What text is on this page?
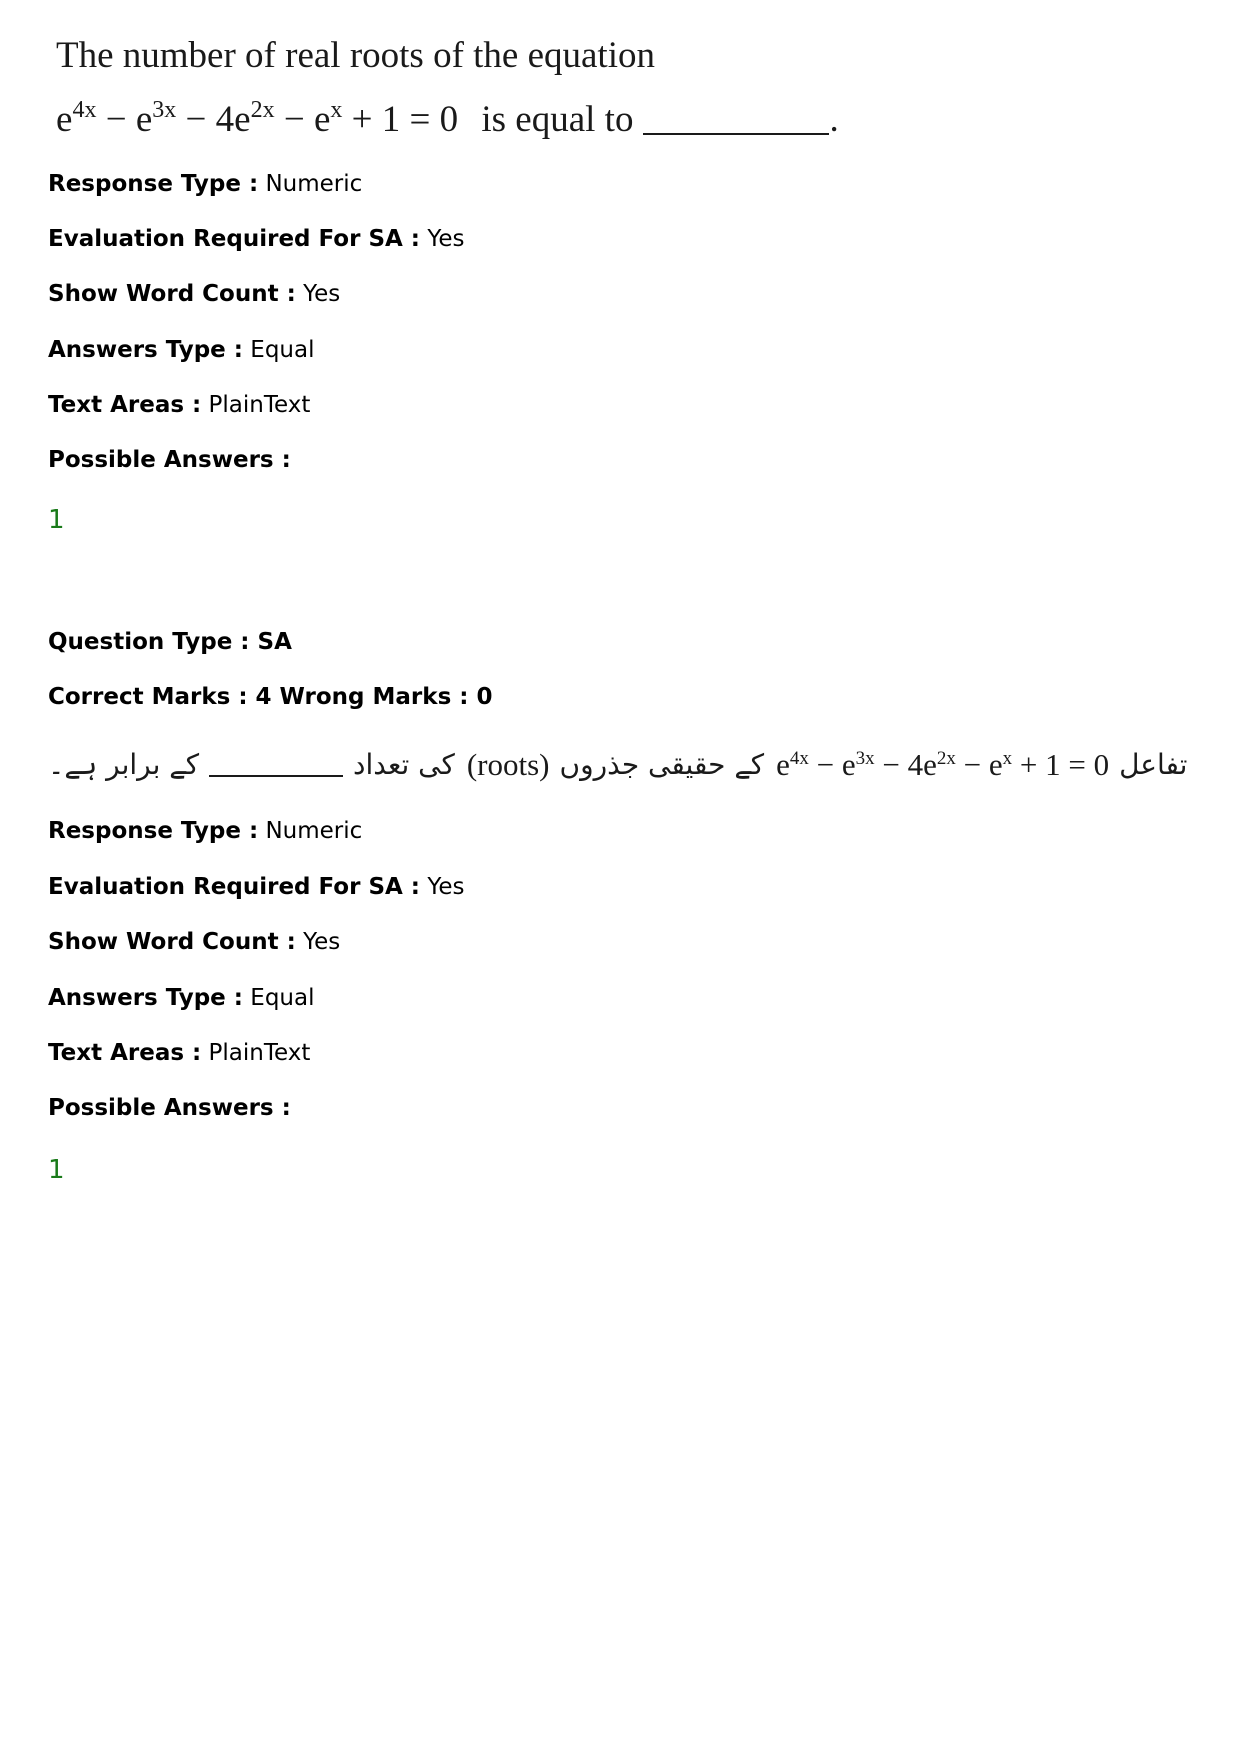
The number of real roots of the equation
$e^{4x} - e^{3x} - 4e^{2x} - e^x + 1 = 0$ is equal to	.
Response Type : Numeric
Evaluation Required For SA : Yes
Show Word Count : Yes
Answers Type : Equal
Text Areas : PlainText
Possible Answers :
1
Question Type : SA
Correct Marks : 4 Wrong Marks : 0
کے برابر ہے۔	کی تعداد (roots) کے حقیقی جذروں $e^{4x} - e^{3x} - 4e^{2x} - e^x + 1 = 0$ تفاعل
Response Type : Numeric
Evaluation Required For SA : Yes
Show Word Count : Yes
Answers Type : Equal
Text Areas : PlainText
Possible Answers :
1
